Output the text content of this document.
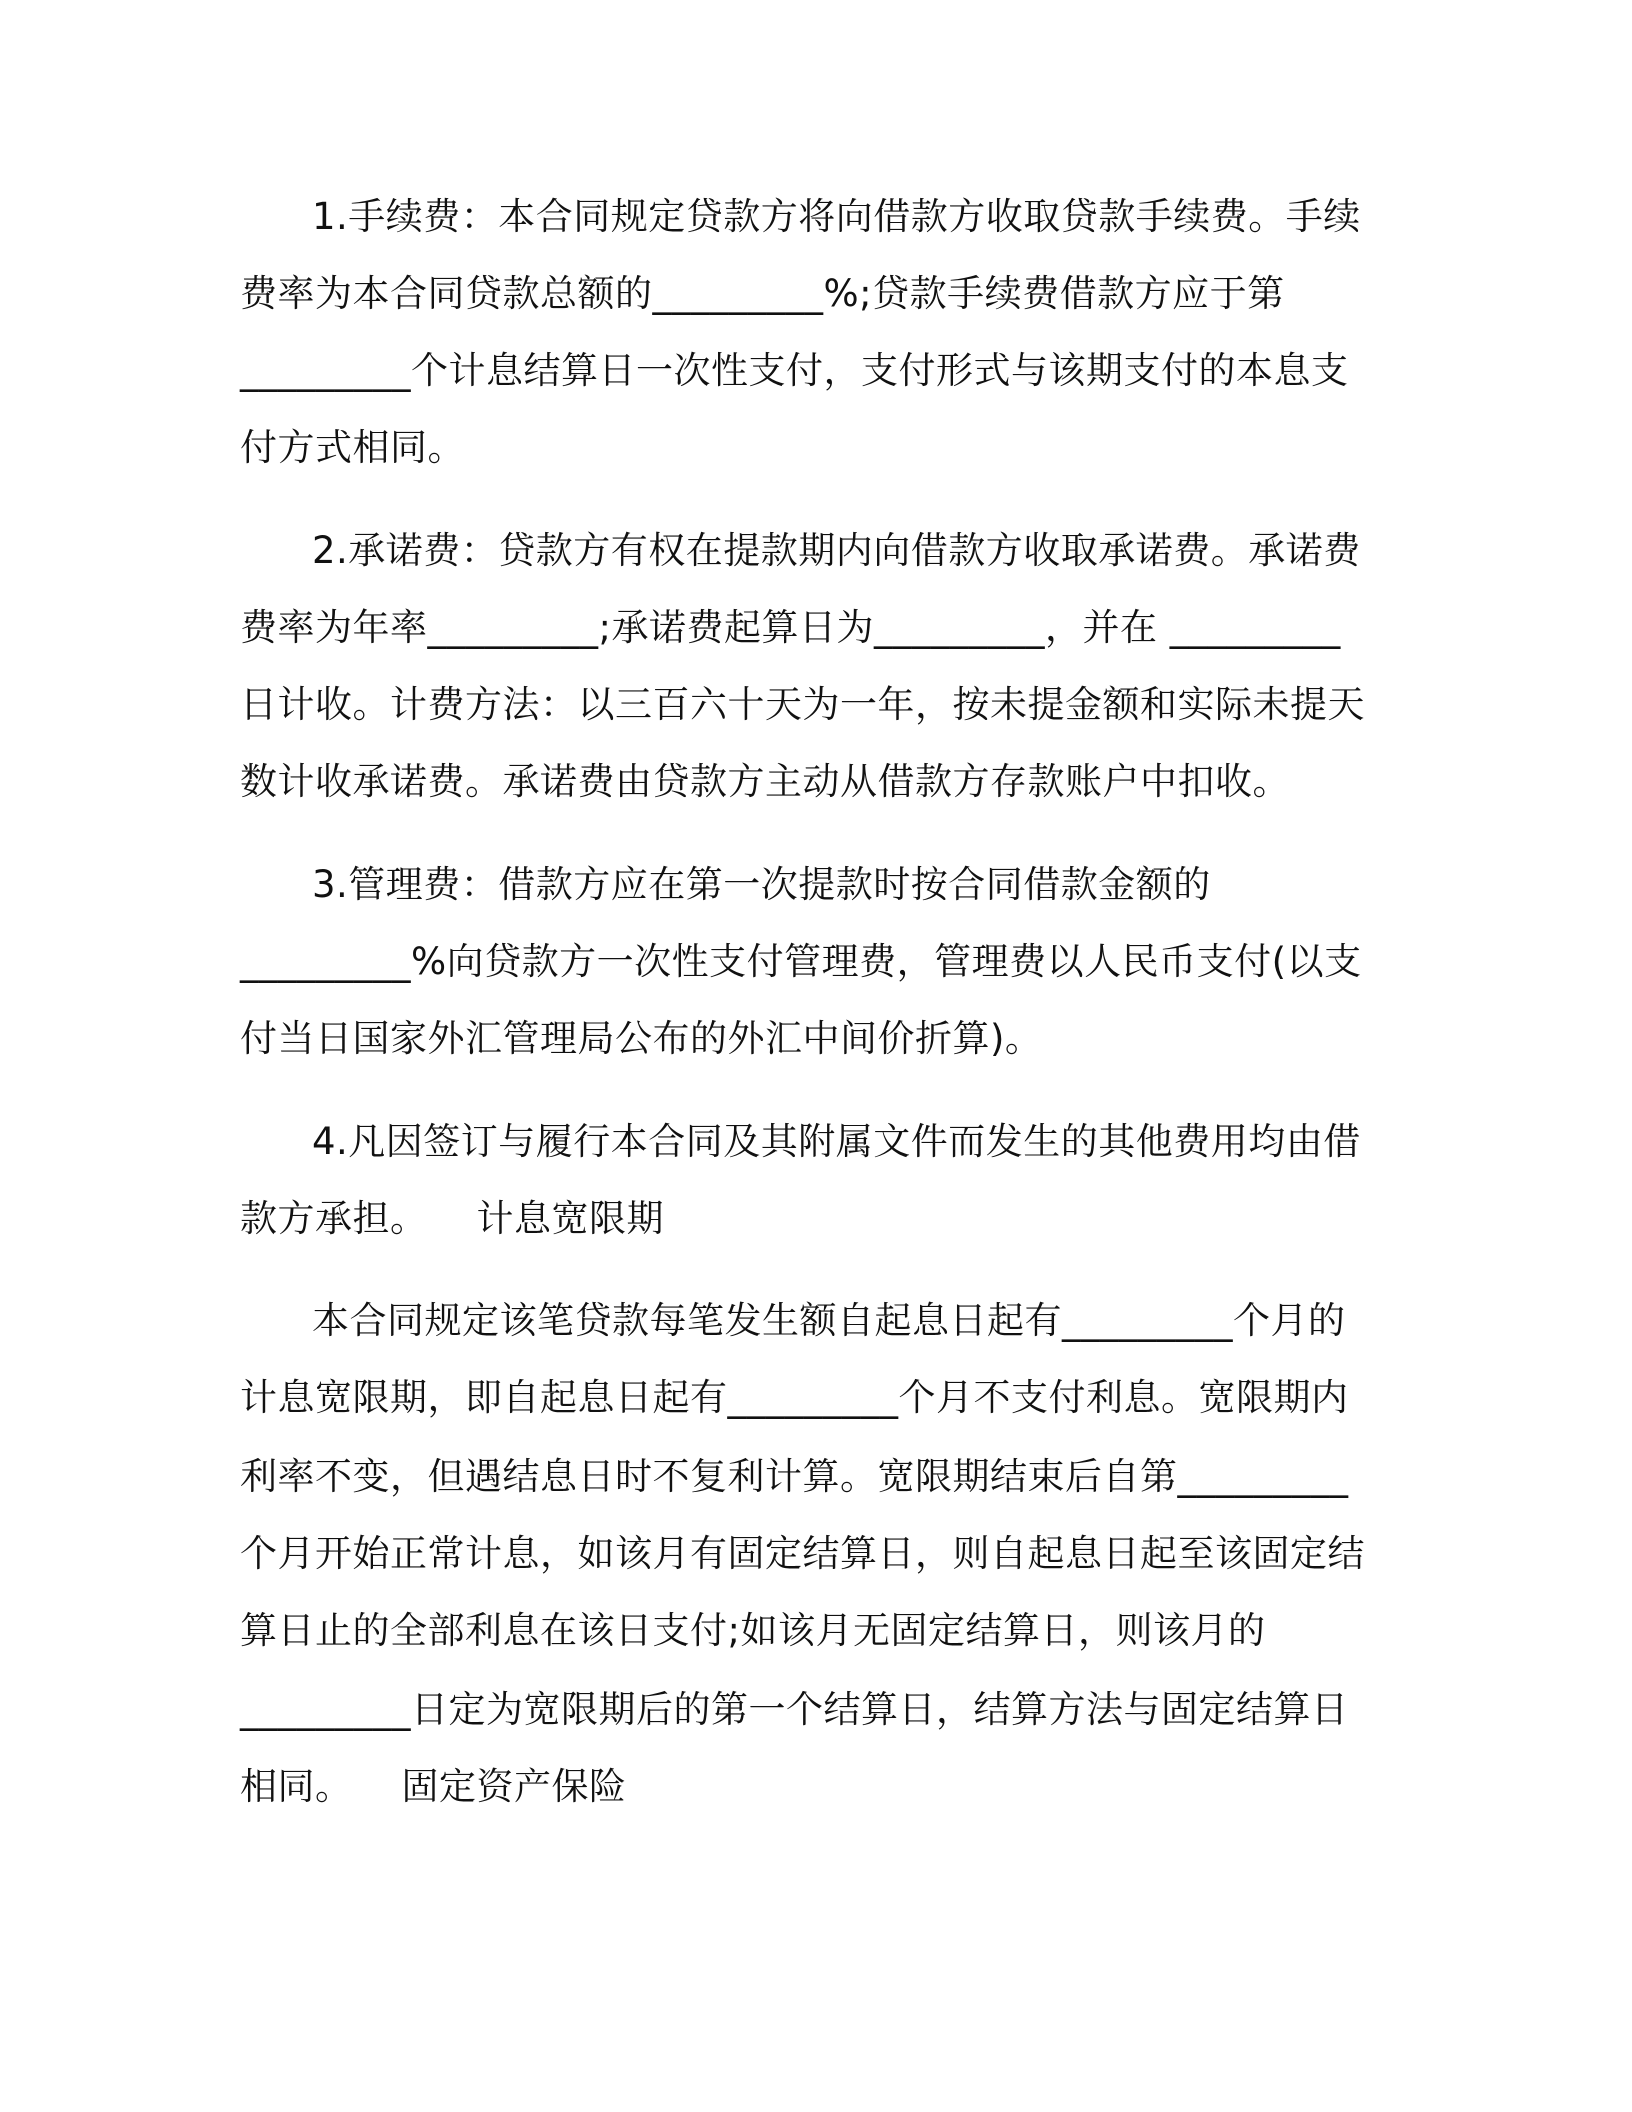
1.手续费：本合同规定贷款方将向借款方收取贷款手续费。手续
费率为本合同贷款总额的_________%;贷款手续费借款方应于第
_________个计息结算日一次性支付，支付形式与该期支付的本息支
付方式相同。
2.承诺费：贷款方有权在提款期内向借款方收取承诺费。承诺费
费率为年率_________;承诺费起算日为_________，并在 _________
日计收。计费方法：以三百六十天为一年，按未提金额和实际未提天
数计收承诺费。承诺费由贷款方主动从借款方存款账户中扣收。
3.管理费：借款方应在第一次提款时按合同借款金额的
_________%向贷款方一次性支付管理费，管理费以人民币支付(以支
付当日国家外汇管理局公布的外汇中间价折算)。
4.凡因签订与履行本合同及其附属文件而发生的其他费用均由借
款方承担。    计息宽限期
本合同规定该笔贷款每笔发生额自起息日起有_________个月的
计息宽限期，即自起息日起有_________个月不支付利息。宽限期内
利率不变，但遇结息日时不复利计算。宽限期结束后自第_________
个月开始正常计息，如该月有固定结算日，则自起息日起至该固定结
算日止的全部利息在该日支付;如该月无固定结算日，则该月的
_________日定为宽限期后的第一个结算日，结算方法与固定结算日
相同。    固定资产保险
